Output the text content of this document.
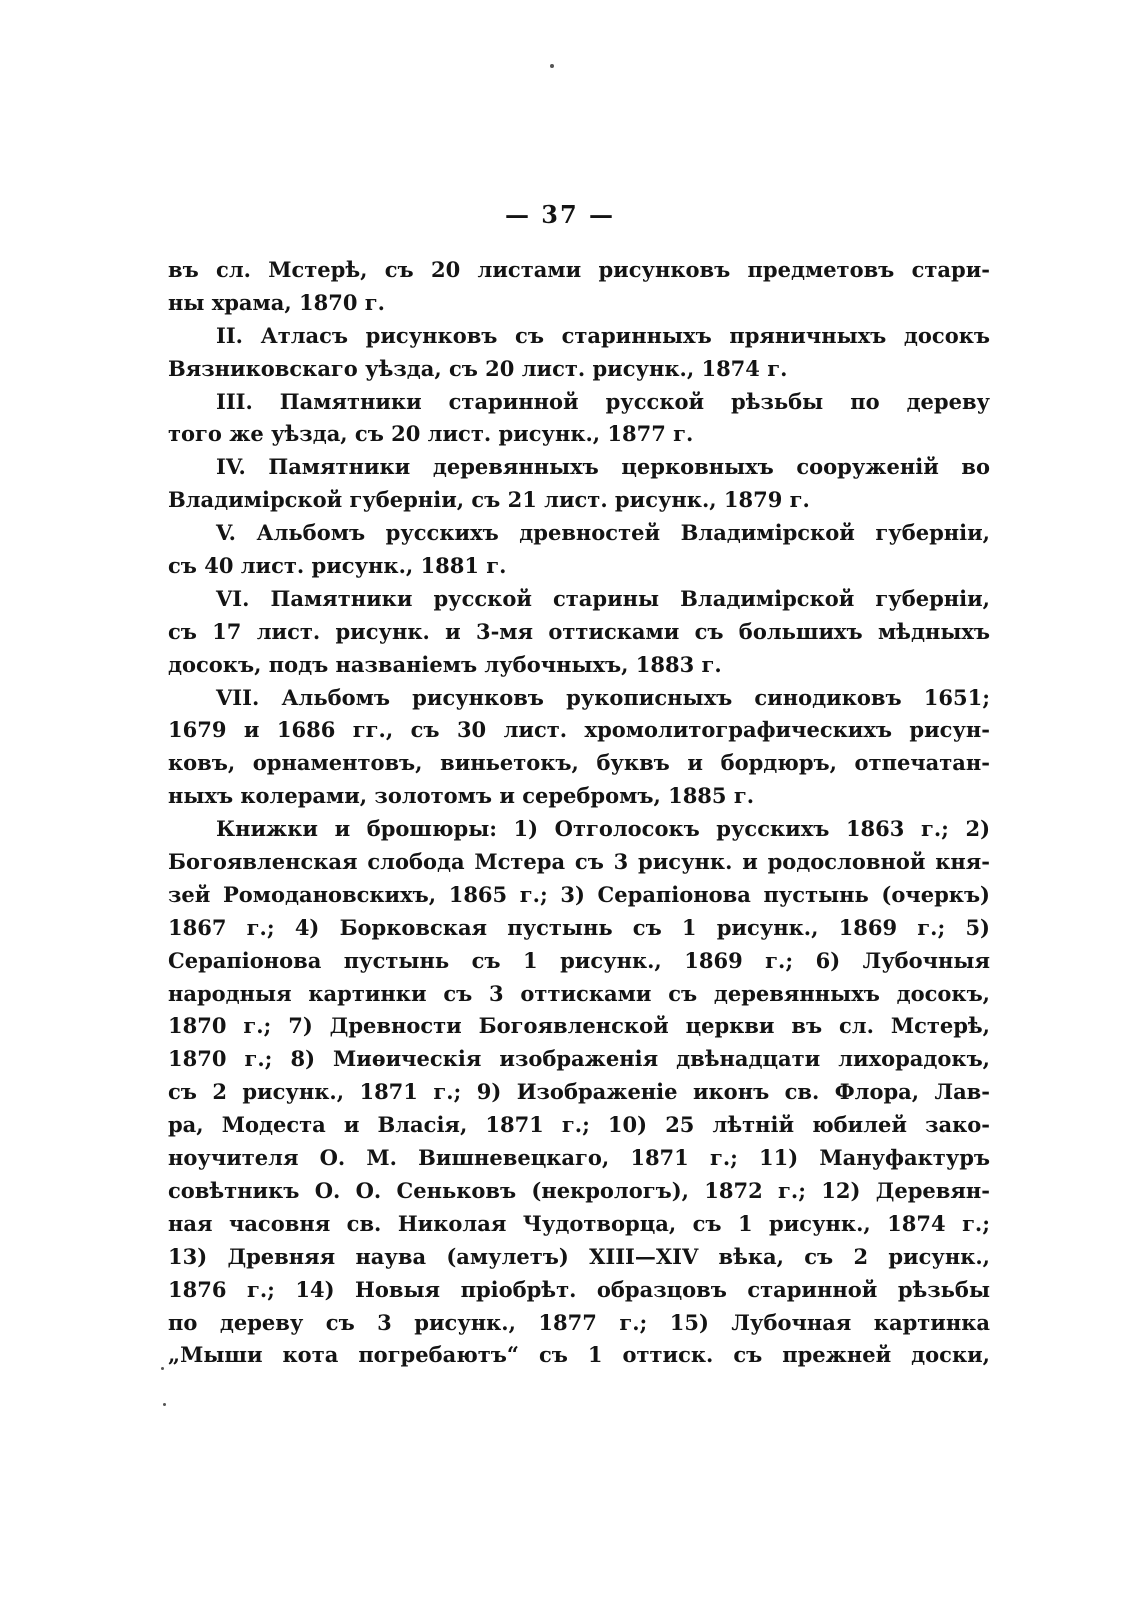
— 37 —
въ сл. Мстерѣ, съ 20 листами рисунковъ предметовъ стари-
ны храма, 1870 г.
II. Атласъ рисунковъ съ старинныхъ пряничныхъ досокъ
Вязниковскаго уѣзда, съ 20 лист. рисунк., 1874 г.
III. Памятники старинной русской рѣзьбы по дереву
того же уѣзда, съ 20 лист. рисунк., 1877 г.
IV. Памятники деревянныхъ церковныхъ сооруженій во
Владимірской губерніи, съ 21 лист. рисунк., 1879 г.
V. Альбомъ русскихъ древностей Владимірской губерніи,
съ 40 лист. рисунк., 1881 г.
VI. Памятники русской старины Владимірской губерніи,
съ 17 лист. рисунк. и 3-мя оттисками съ большихъ мѣдныхъ
досокъ, подъ названіемъ лубочныхъ, 1883 г.
VII. Альбомъ рисунковъ рукописныхъ синодиковъ 1651;
1679 и 1686 гг., съ 30 лист. хромолитографическихъ рисун-
ковъ, орнаментовъ, виньетокъ, буквъ и бордюръ, отпечатан-
ныхъ колерами, золотомъ и серебромъ, 1885 г.
Книжки и брошюры: 1) Отголосокъ русскихъ 1863 г.; 2)
Богоявленская слобода Мстера съ 3 рисунк. и родословной кня-
зей Ромодановскихъ, 1865 г.; 3) Серапіонова пустынь (очеркъ)
1867 г.; 4) Борковская пустынь съ 1 рисунк., 1869 г.; 5)
Серапіонова пустынь съ 1 рисунк., 1869 г.; 6) Лубочныя
народныя картинки съ 3 оттисками съ деревянныхъ досокъ,
1870 г.; 7) Древности Богоявленской церкви въ сл. Мстерѣ,
1870 г.; 8) Миѳическія изображенія двѣнадцати лихорадокъ,
съ 2 рисунк., 1871 г.; 9) Изображеніе иконъ св. Флора, Лав-
ра, Модеста и Власія, 1871 г.; 10) 25 лѣтній юбилей зако-
ноучителя О. М. Вишневецкаго, 1871 г.; 11) Мануфактуръ
совѣтникъ О. О. Сеньковъ (некрологъ), 1872 г.; 12) Деревян-
ная часовня св. Николая Чудотворца, съ 1 рисунк., 1874 г.;
13) Древняя наува (амулетъ) XIII—XIV вѣка, съ 2 рисунк.,
1876 г.; 14) Новыя пріобрѣт. образцовъ старинной рѣзьбы
по дереву съ 3 рисунк., 1877 г.; 15) Лубочная картинка
„Мыши кота погребаютъ“ съ 1 оттиск. съ прежней доски,
